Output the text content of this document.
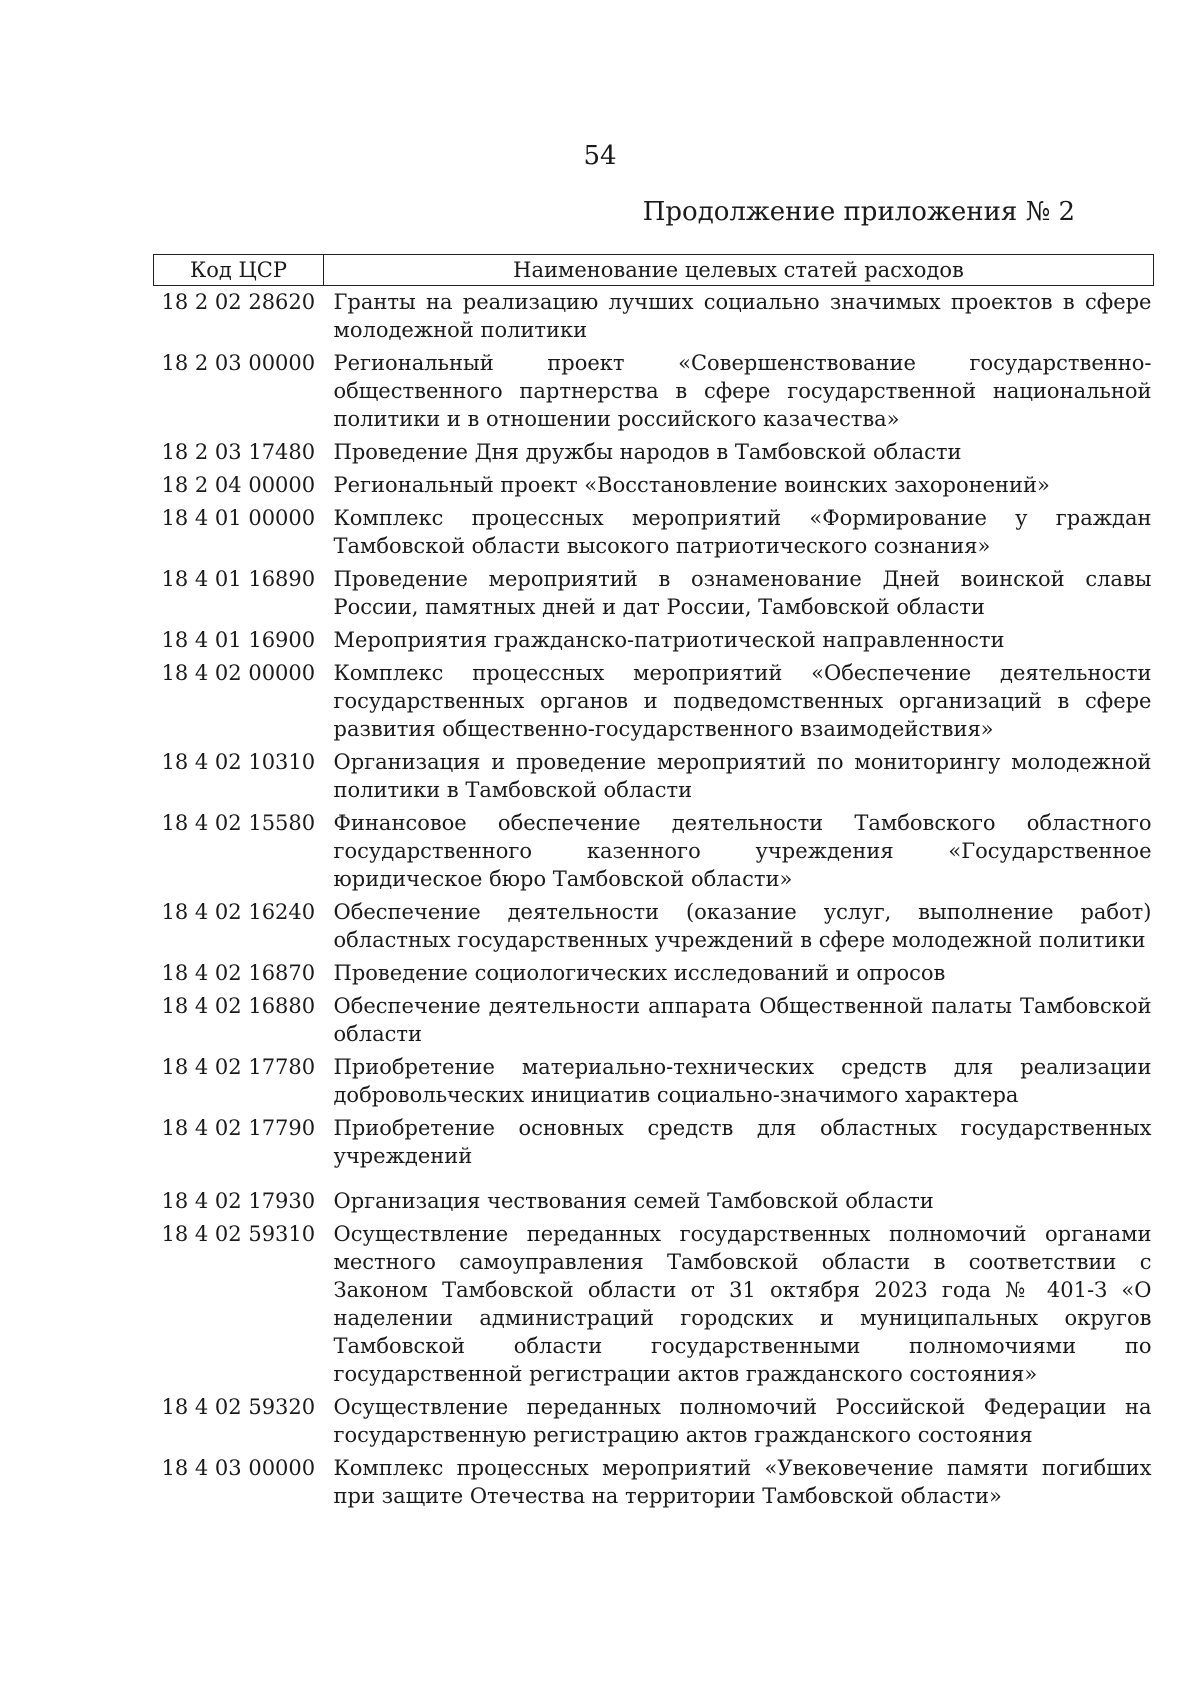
54
Продолжение приложения № 2
Код ЦСР	Наименование целевых статей расходов
18 2 02 28620	Гранты на реализацию лучших социально значимых проектов в сфере молодежной политики
18 2 03 00000	Региональный проект «Совершенствование государственно-общественного партнерства в сфере государственной национальной политики и в отношении российского казачества»
18 2 03 17480	Проведение Дня дружбы народов в Тамбовской области
18 2 04 00000	Региональный проект «Восстановление воинских захоронений»
18 4 01 00000	Комплекс процессных мероприятий «Формирование у граждан Тамбовской области высокого патриотического сознания»
18 4 01 16890	Проведение мероприятий в ознаменование Дней воинской славы России, памятных дней и дат России, Тамбовской области
18 4 01 16900	Мероприятия гражданско-патриотической направленности
18 4 02 00000	Комплекс процессных мероприятий «Обеспечение деятельности государственных органов и подведомственных организаций в сфере развития общественно-государственного взаимодействия»
18 4 02 10310	Организация и проведение мероприятий по мониторингу молодежной политики в Тамбовской области
18 4 02 15580	Финансовое обеспечение деятельности Тамбовского областного государственного казенного учреждения «Государственное юридическое бюро Тамбовской области»
18 4 02 16240	Обеспечение деятельности (оказание услуг, выполнение работ) областных государственных учреждений в сфере молодежной политики
18 4 02 16870	Проведение социологических исследований и опросов
18 4 02 16880	Обеспечение деятельности аппарата Общественной палаты Тамбовской области
18 4 02 17780	Приобретение материально-технических средств для реализации добровольческих инициатив социально-значимого характера
18 4 02 17790	Приобретение основных средств для областных государственных учреждений
18 4 02 17930	Организация чествования семей Тамбовской области
18 4 02 59310	Осуществление переданных государственных полномочий органами местного самоуправления Тамбовской области в соответствии с Законом Тамбовской области от 31 октября 2023 года № 401-З «О наделении администраций городских и муниципальных округов Тамбовской области государственными полномочиями по государственной регистрации актов гражданского состояния»
18 4 02 59320	Осуществление переданных полномочий Российской Федерации на государственную регистрацию актов гражданского состояния
18 4 03 00000	Комплекс процессных мероприятий «Увековечение памяти погибших при защите Отечества на территории Тамбовской области»
